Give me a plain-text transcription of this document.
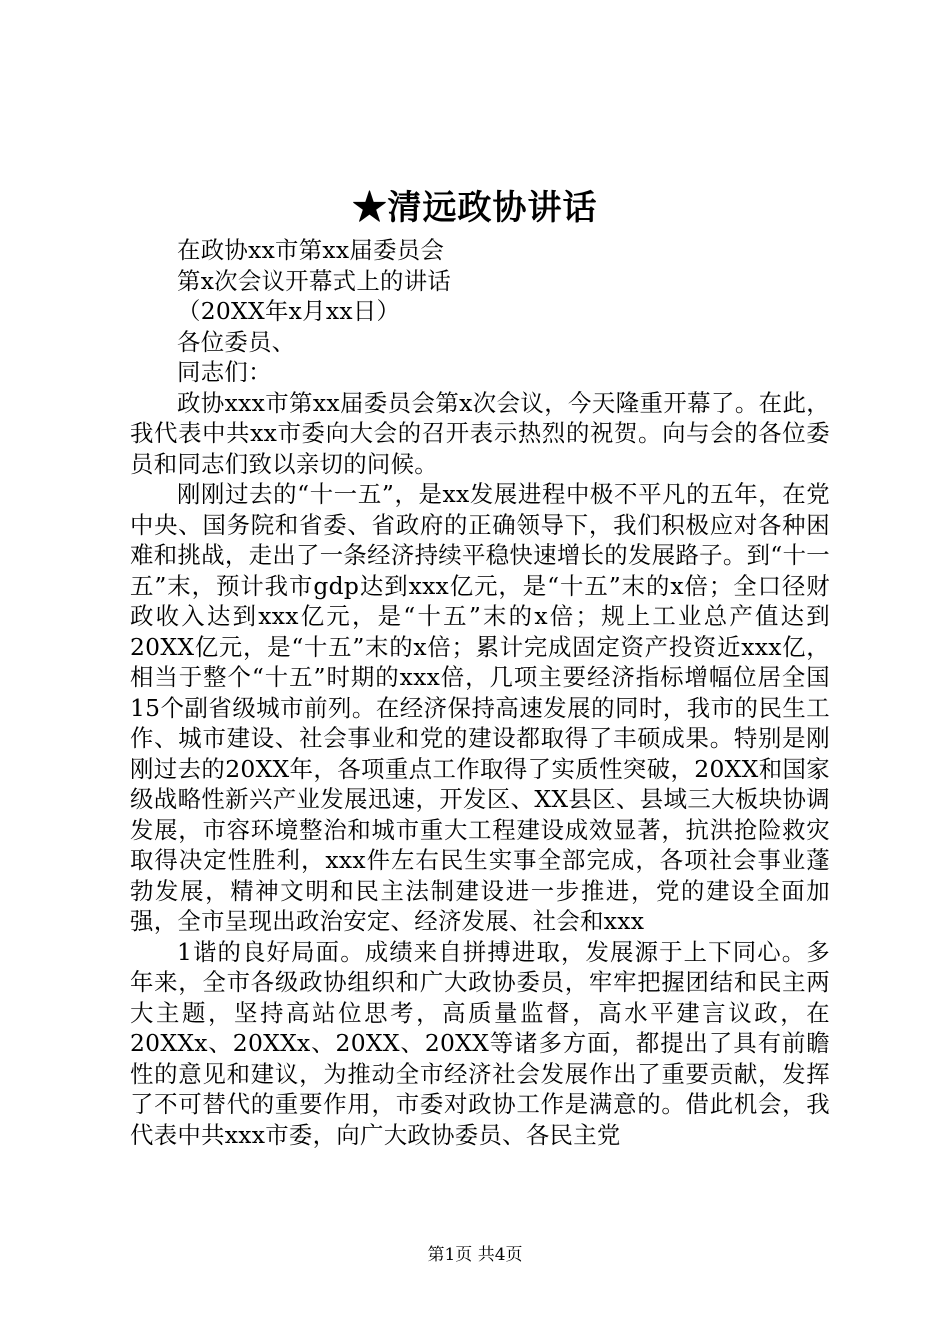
★清远政协讲话

在政协xx市第xx届委员会

第x次会议开幕式上的讲话

（20XX年x月xx日）

各位委员、

同志们：

政协xxx市第xx届委员会第x次会议，今天隆重开幕了。在此，我代表中共xx市委向大会的召开表示热烈的祝贺。向与会的各位委员和同志们致以亲切的问候。

刚刚过去的“十一五”，是xx发展进程中极不平凡的五年，在党中央、国务院和省委、省政府的正确领导下，我们积极应对各种困难和挑战，走出了一条经济持续平稳快速增长的发展路子。到“十一五”末，预计我市gdp达到xxx亿元，是“十五”末的x倍；全口径财政收入达到xxx亿元，是“十五”末的x倍；规上工业总产值达到20XX亿元，是“十五”末的x倍；累计完成固定资产投资近xxx亿，相当于整个“十五”时期的xxx倍，几项主要经济指标增幅位居全国15个副省级城市前列。在经济保持高速发展的同时，我市的民生工作、城市建设、社会事业和党的建设都取得了丰硕成果。特别是刚刚过去的20XX年，各项重点工作取得了实质性突破，20XX和国家级战略性新兴产业发展迅速，开发区、XX县区、县域三大板块协调发展，市容环境整治和城市重大工程建设成效显著，抗洪抢险救灾取得决定性胜利，xxx件左右民生实事全部完成，各项社会事业蓬勃发展，精神文明和民主法制建设进一步推进，党的建设全面加强，全市呈现出政治安定、经济发展、社会和xxx

1谐的良好局面。成绩来自拼搏进取，发展源于上下同心。多年来，全市各级政协组织和广大政协委员，牢牢把握团结和民主两大主题，坚持高站位思考，高质量监督，高水平建言议政，在20XXx、20XXx、20XX、20XX等诸多方面，都提出了具有前瞻性的意见和建议，为推动全市经济社会发展作出了重要贡献，发挥了不可替代的重要作用，市委对政协工作是满意的。借此机会，我代表中共xxx市委，向广大政协委员、各民主党

第1页 共4页
